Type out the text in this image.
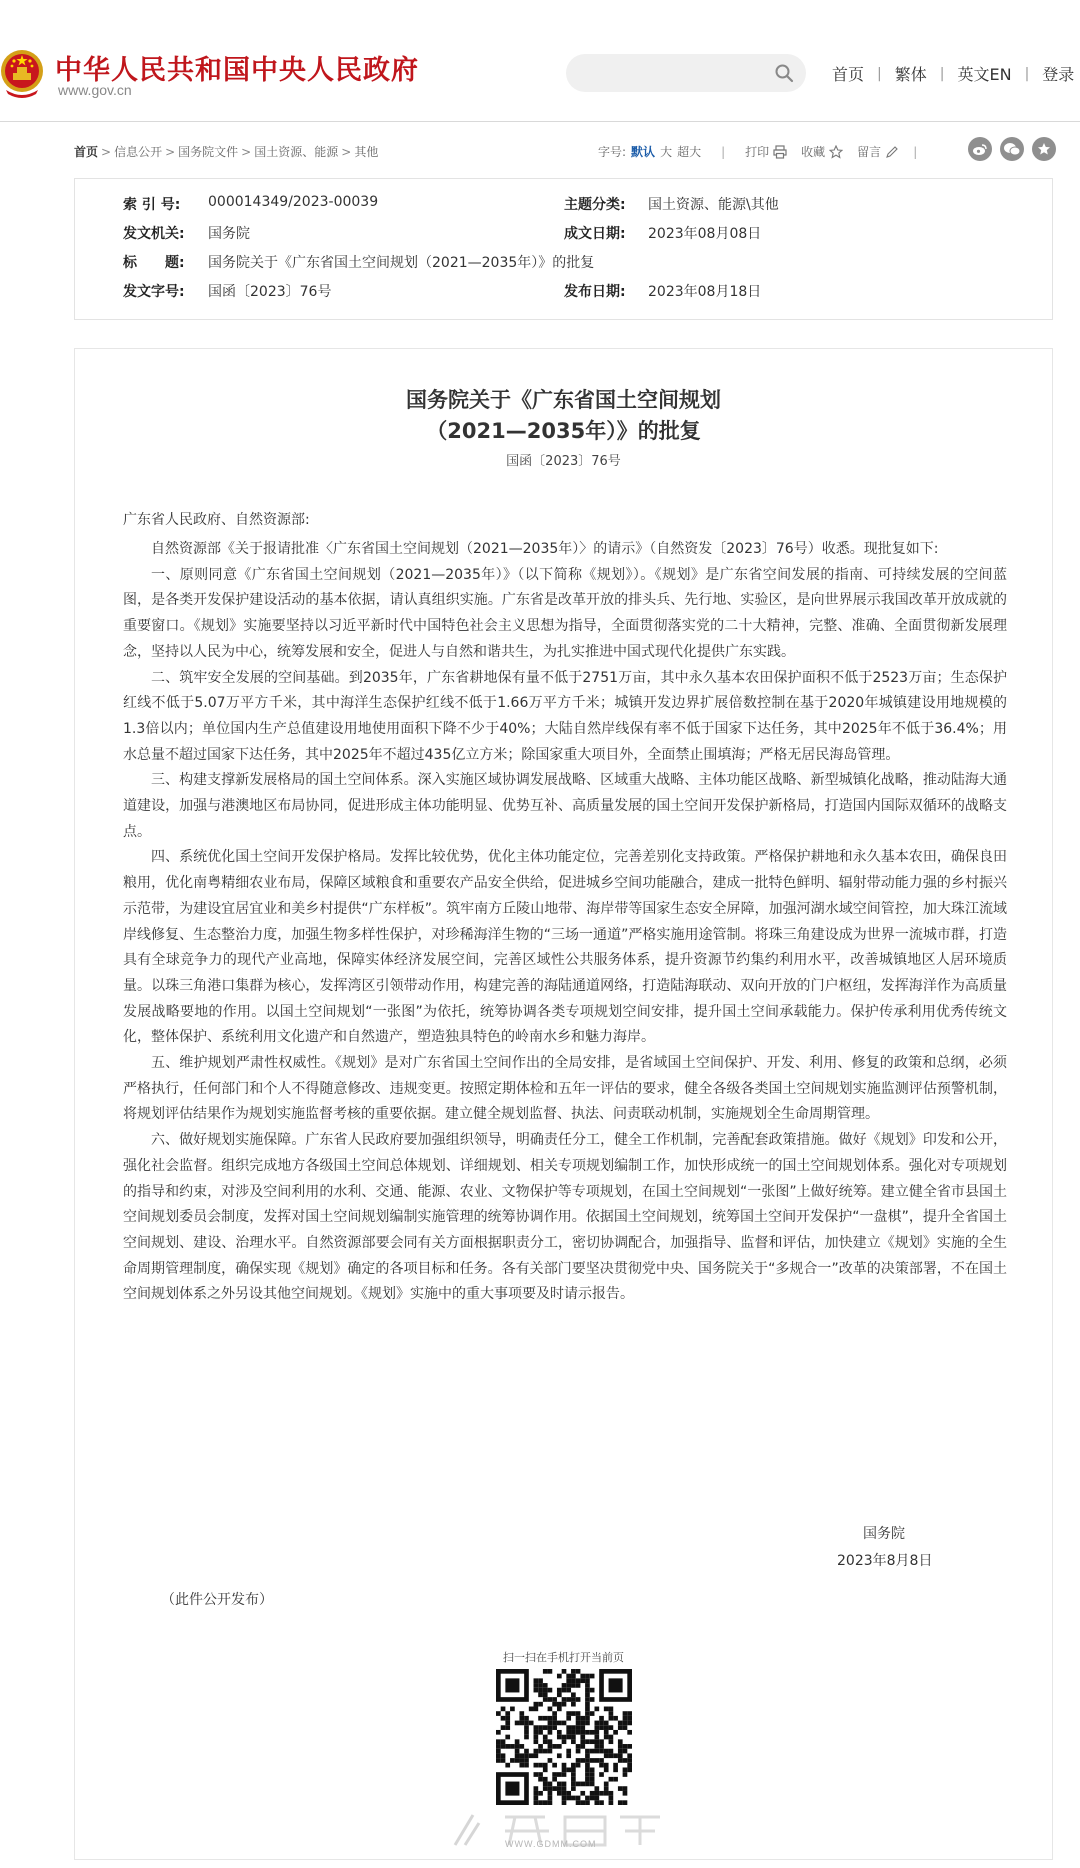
中华人民共和国中央人民政府
www.gov.cn
首页 | 繁体 | 英文EN | 登录
首页 > 信息公开 > 国务院文件 > 国土资源、能源 > 其他	字号: 默认 大 超大 | 打印	收藏	留言	|
索 引 号: 000014349/2023-00039	主题分类: 国土资源、能源\其他
发文机关: 国务院	成文日期: 2023年08月08日
标　　题: 国务院关于《广东省国土空间规划（2021—2035年）》的批复
发文字号: 国函〔2023〕76号	发布日期: 2023年08月18日
国务院关于《广东省国土空间规划
（2021—2035年）》的批复
国函〔2023〕76号
广东省人民政府、自然资源部:

自然资源部《关于报请批准〈广东省国土空间规划（2021—2035年）〉的请示》（自然资发〔2023〕76号）收悉。现批复如下:

一、原则同意《广东省国土空间规划（2021—2035年）》（以下简称《规划》）。《规划》是广东省空间发展的指南、可持续发展的空间蓝图，是各类开发保护建设活动的基本依据，请认真组织实施。广东省是改革开放的排头兵、先行地、实验区，是向世界展示我国改革开放成就的重要窗口。《规划》实施要坚持以习近平新时代中国特色社会主义思想为指导，全面贯彻落实党的二十大精神，完整、准确、全面贯彻新发展理念，坚持以人民为中心，统筹发展和安全，促进人与自然和谐共生，为扎实推进中国式现代化提供广东实践。

二、筑牢安全发展的空间基础。到2035年，广东省耕地保有量不低于2751万亩，其中永久基本农田保护面积不低于2523万亩；生态保护红线不低于5.07万平方千米，其中海洋生态保护红线不低于1.66万平方千米；城镇开发边界扩展倍数控制在基于2020年城镇建设用地规模的1.3倍以内；单位国内生产总值建设用地使用面积下降不少于40%；大陆自然岸线保有率不低于国家下达任务，其中2025年不低于36.4%；用水总量不超过国家下达任务，其中2025年不超过435亿立方米；除国家重大项目外，全面禁止围填海；严格无居民海岛管理。

三、构建支撑新发展格局的国土空间体系。深入实施区域协调发展战略、区域重大战略、主体功能区战略、新型城镇化战略，推动陆海大通道建设，加强与港澳地区布局协同，促进形成主体功能明显、优势互补、高质量发展的国土空间开发保护新格局，打造国内国际双循环的战略支点。

四、系统优化国土空间开发保护格局。发挥比较优势，优化主体功能定位，完善差别化支持政策。严格保护耕地和永久基本农田，确保良田粮用，优化南粤精细农业布局，保障区域粮食和重要农产品安全供给，促进城乡空间功能融合，建成一批特色鲜明、辐射带动能力强的乡村振兴示范带，为建设宜居宜业和美乡村提供“广东样板”。筑牢南方丘陵山地带、海岸带等国家生态安全屏障，加强河湖水域空间管控，加大珠江流域岸线修复、生态整治力度，加强生物多样性保护，对珍稀海洋生物的“三场一通道”严格实施用途管制。将珠三角建设成为世界一流城市群，打造具有全球竞争力的现代产业高地，保障实体经济发展空间，完善区域性公共服务体系，提升资源节约集约利用水平，改善城镇地区人居环境质量。以珠三角港口集群为核心，发挥湾区引领带动作用，构建完善的海陆通道网络，打造陆海联动、双向开放的门户枢纽，发挥海洋作为高质量发展战略要地的作用。以国土空间规划“一张图”为依托，统筹协调各类专项规划空间安排，提升国土空间承载能力。保护传承利用优秀传统文化，整体保护、系统利用文化遗产和自然遗产，塑造独具特色的岭南水乡和魅力海岸。

五、维护规划严肃性权威性。《规划》是对广东省国土空间作出的全局安排，是省域国土空间保护、开发、利用、修复的政策和总纲，必须严格执行，任何部门和个人不得随意修改、违规变更。按照定期体检和五年一评估的要求，健全各级各类国土空间规划实施监测评估预警机制，将规划评估结果作为规划实施监督考核的重要依据。建立健全规划监督、执法、问责联动机制，实施规划全生命周期管理。

六、做好规划实施保障。广东省人民政府要加强组织领导，明确责任分工，健全工作机制，完善配套政策措施。做好《规划》印发和公开，强化社会监督。组织完成地方各级国土空间总体规划、详细规划、相关专项规划编制工作，加快形成统一的国土空间规划体系。强化对专项规划的指导和约束，对涉及空间利用的水利、交通、能源、农业、文物保护等专项规划，在国土空间规划“一张图”上做好统筹。建立健全省市县国土空间规划委员会制度，发挥对国土空间规划编制实施管理的统筹协调作用。依据国土空间规划，统筹国土空间开发保护“一盘棋”，提升全省国土空间规划、建设、治理水平。自然资源部要会同有关方面根据职责分工，密切协调配合，加强指导、监督和评估，加快建立《规划》实施的全生命周期管理制度，确保实现《规划》确定的各项目标和任务。各有关部门要坚决贯彻党中央、国务院关于“多规合一”改革的决策部署，不在国土空间规划体系之外另设其他空间规划。《规划》实施中的重大事项要及时请示报告。

国务院
2023年8月8日
（此件公开发布）
扫一扫在手机打开当前页
WWW.GDMM.COM
